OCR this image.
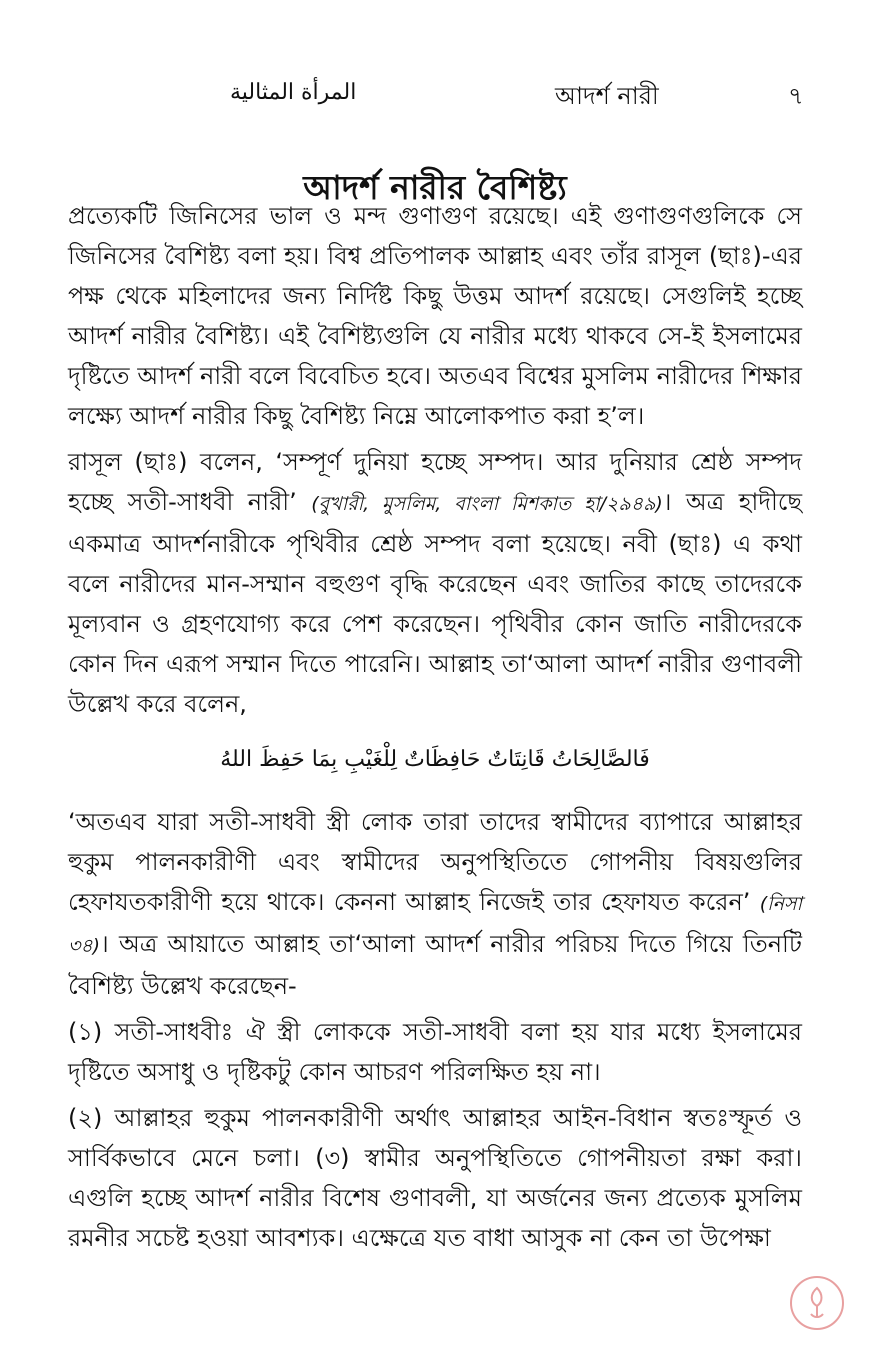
المرأة المثالية	আদর্শ নারী	৭
আদর্শ নারীর বৈশিষ্ট্য

প্রত্যেকটি জিনিসের ভাল ও মন্দ গুণাগুণ রয়েছে। এই গুণাগুণগুলিকে সে জিনিসের বৈশিষ্ট্য বলা হয়। বিশ্ব প্রতিপালক আল্লাহ এবং তাঁর রাসূল (ছাঃ)-এর পক্ষ থেকে মহিলাদের জন্য নির্দিষ্ট কিছু উত্তম আদর্শ রয়েছে। সেগুলিই হচ্ছে আদর্শ নারীর বৈশিষ্ট্য। এই বৈশিষ্ট্যগুলি যে নারীর মধ্যে থাকবে সে-ই ইসলামের দৃষ্টিতে আদর্শ নারী বলে বিবেচিত হবে। অতএব বিশ্বের মুসলিম নারীদের শিক্ষার লক্ষ্যে আদর্শ নারীর কিছু বৈশিষ্ট্য নিম্নে আলোকপাত করা হ’ল।

রাসূল (ছাঃ) বলেন, ‘সম্পূর্ণ দুনিয়া হচ্ছে সম্পদ। আর দুনিয়ার শ্রেষ্ঠ সম্পদ হচ্ছে সতী-সাধবী নারী’ (বুখারী, মুসলিম, বাংলা মিশকাত হা/২৯৪৯)। অত্র হাদীছে একমাত্র আদর্শনারীকে পৃথিবীর শ্রেষ্ঠ সম্পদ বলা হয়েছে। নবী (ছাঃ) এ কথা বলে নারীদের মান-সম্মান বহুগুণ বৃদ্ধি করেছেন এবং জাতির কাছে তাদেরকে মূল্যবান ও গ্রহণযোগ্য করে পেশ করেছেন। পৃথিবীর কোন জাতি নারীদেরকে কোন দিন এরূপ সম্মান দিতে পারেনি। আল্লাহ তা‘আলা আদর্শ নারীর গুণাবলী উল্লেখ করে বলেন,

فَالصَّالِحَاتُ قَانِتَاتٌ حَافِظَاتٌ لِلْغَيْبِ بِمَا حَفِظَ اللهُ

‘অতএব যারা সতী-সাধবী স্ত্রী লোক তারা তাদের স্বামীদের ব্যাপারে আল্লাহর হুকুম পালনকারীণী এবং স্বামীদের অনুপস্থিতিতে গোপনীয় বিষয়গুলির হেফাযতকারীণী হয়ে থাকে। কেননা আল্লাহ নিজেই তার হেফাযত করেন’ (নিসা ৩৪)। অত্র আয়াতে আল্লাহ তা‘আলা আদর্শ নারীর পরিচয় দিতে গিয়ে তিনটি বৈশিষ্ট্য উল্লেখ করেছেন-

(১) সতী-সাধবীঃ ঐ স্ত্রী লোককে সতী-সাধবী বলা হয় যার মধ্যে ইসলামের দৃষ্টিতে অসাধু ও দৃষ্টিকটু কোন আচরণ পরিলক্ষিত হয় না।

(২) আল্লাহর হুকুম পালনকারীণী অর্থাৎ আল্লাহর আইন-বিধান স্বতঃস্ফূর্ত ও সার্বিকভাবে মেনে চলা। (৩) স্বামীর অনুপস্থিতিতে গোপনীয়তা রক্ষা করা। এগুলি হচ্ছে আদর্শ নারীর বিশেষ গুণাবলী, যা অর্জনের জন্য প্রত্যেক মুসলিম রমনীর সচেষ্ট হওয়া আবশ্যক। এক্ষেত্রে যত বাধা আসুক না কেন তা উপেক্ষা
